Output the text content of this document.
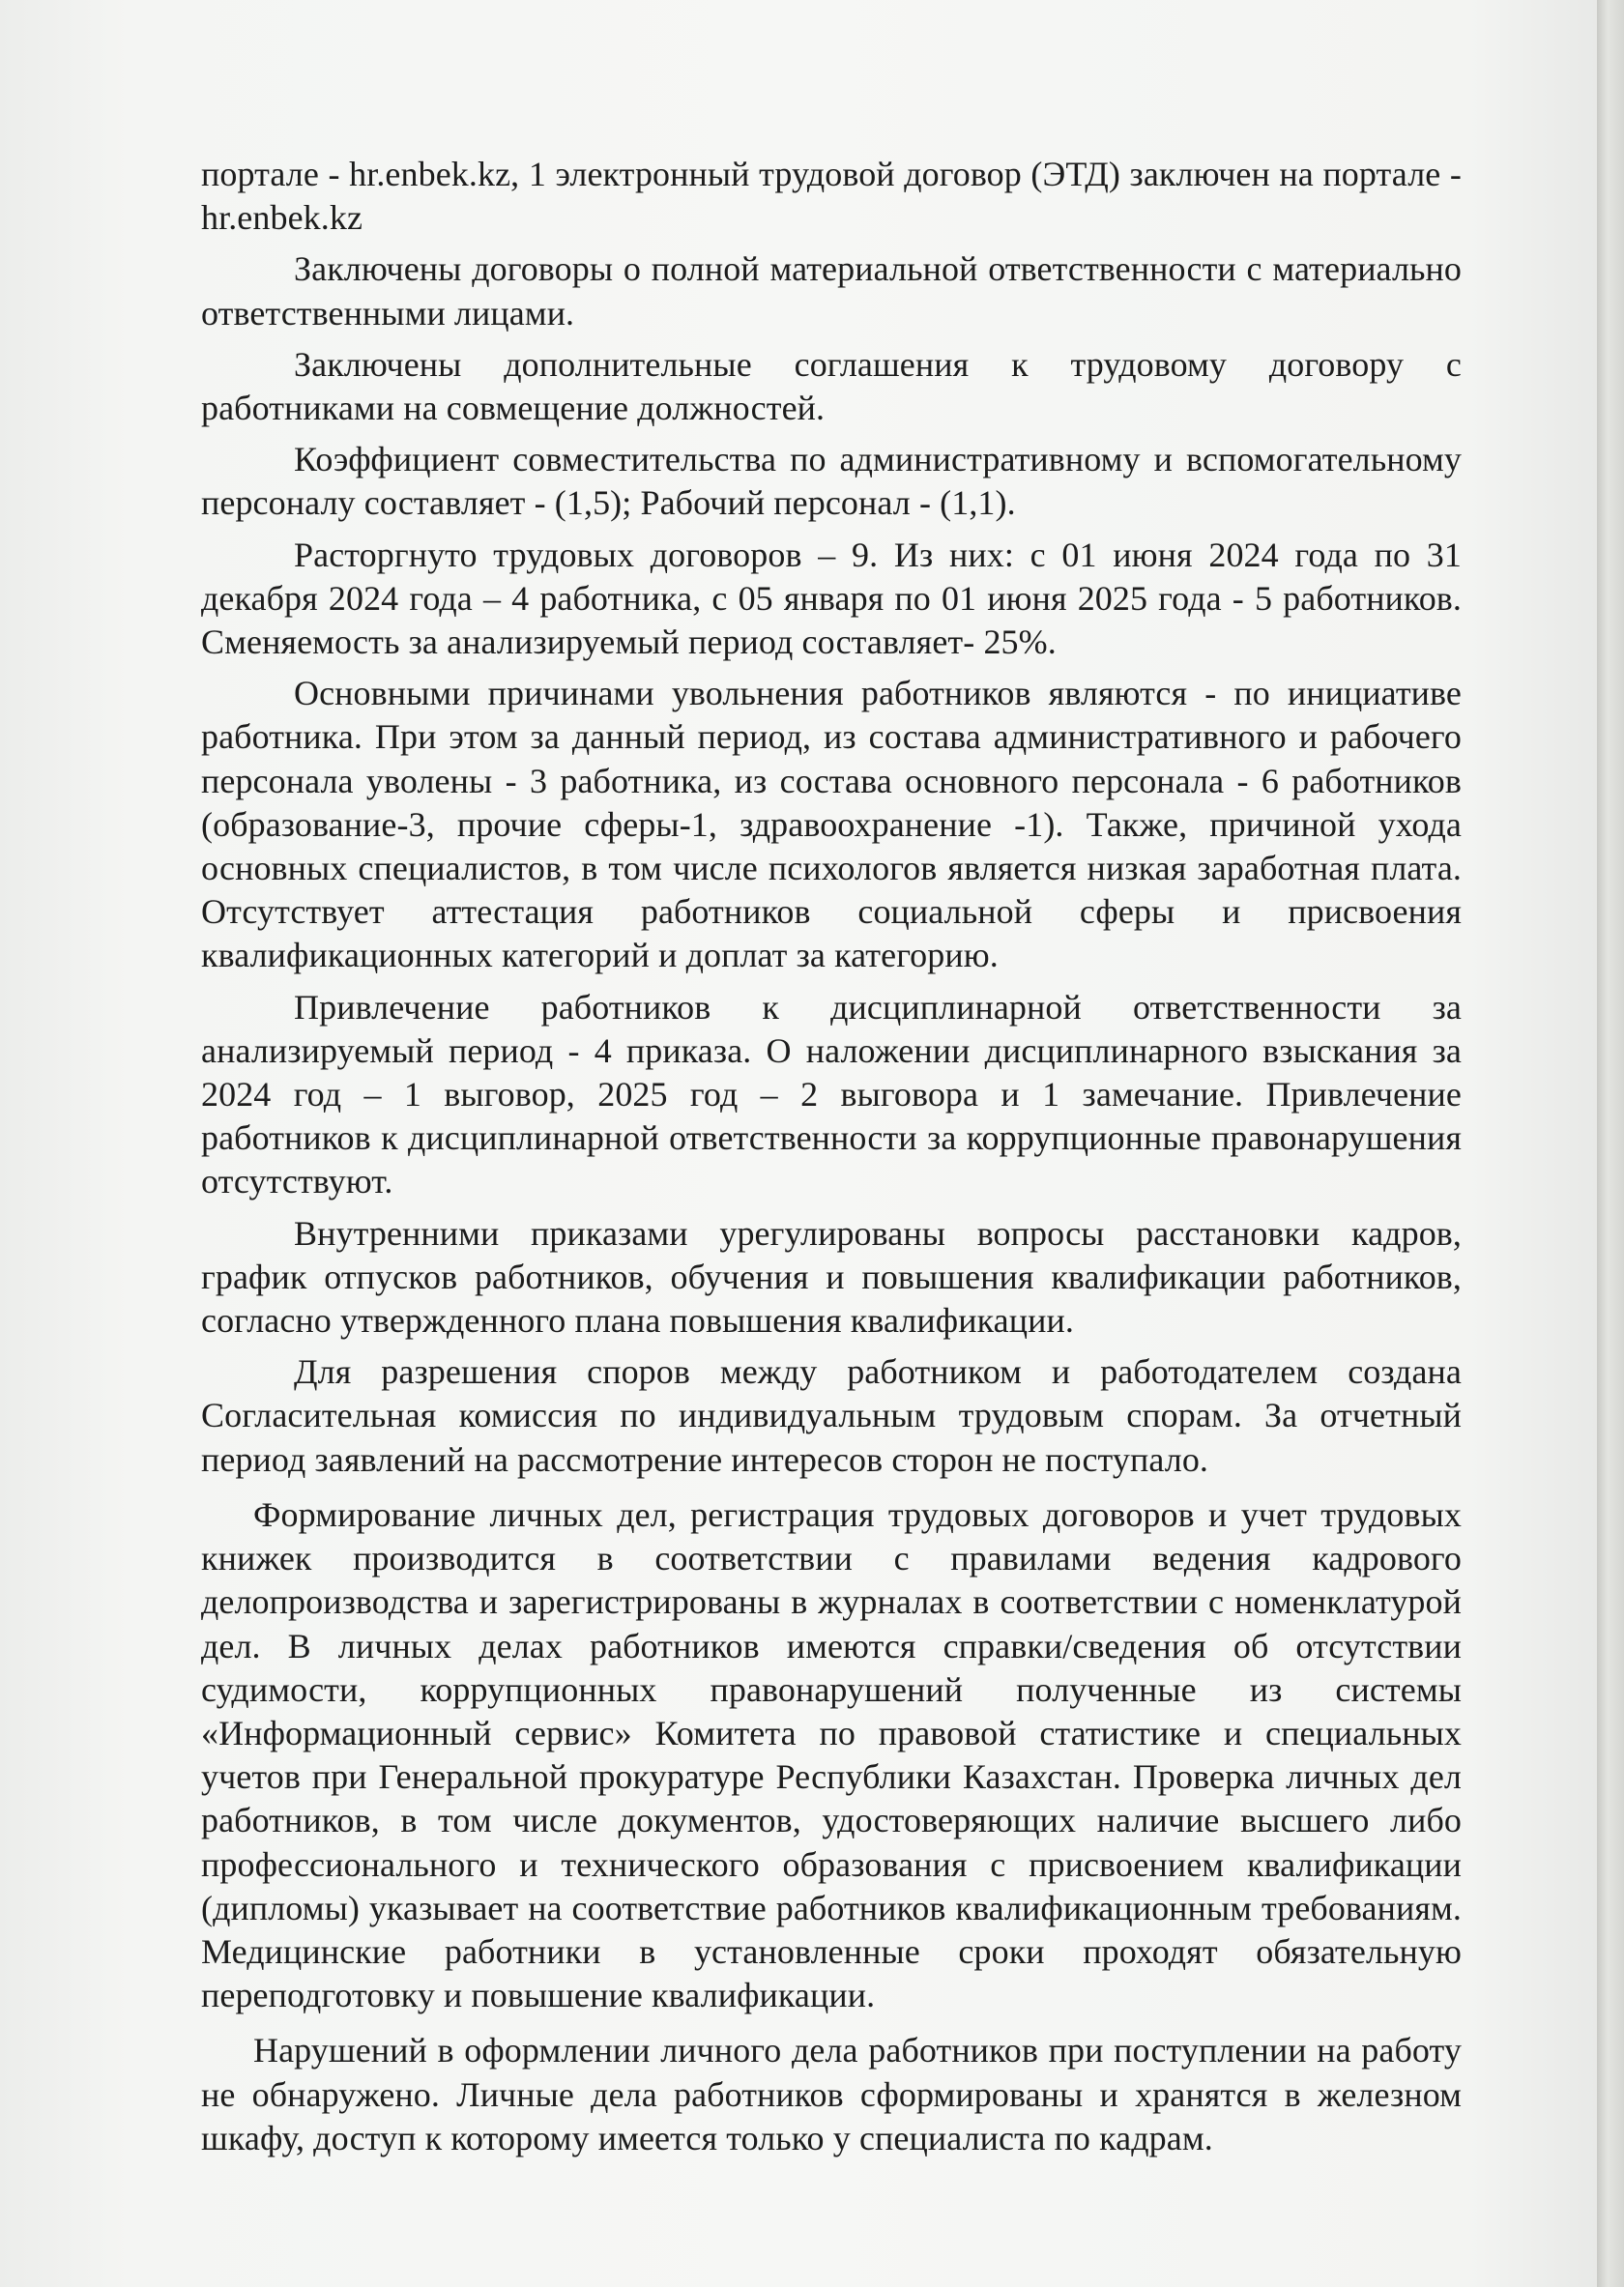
портале - hr.enbek.kz, 1 электронный трудовой договор (ЭТД) заключен на портале - hr.enbek.kz

Заключены договоры о полной материальной ответственности с материально ответственными лицами.

Заключены дополнительные соглашения к трудовому договору с работниками на совмещение должностей.

Коэффициент совместительства по административному и вспомогательному персоналу составляет - (1,5); Рабочий персонал - (1,1).

Расторгнуто трудовых договоров – 9. Из них: с 01 июня 2024 года по 31 декабря 2024 года – 4 работника, с 05 января по 01 июня 2025 года - 5 работников. Сменяемость за анализируемый период составляет- 25%.

Основными причинами увольнения работников являются - по инициативе работника. При этом за данный период, из состава административного и рабочего персонала уволены - 3 работника, из состава основного персонала - 6 работников (образование-3, прочие сферы-1, здравоохранение -1). Также, причиной ухода основных специалистов, в том числе психологов является низкая заработная плата. Отсутствует аттестация работников социальной сферы и присвоения квалификационных категорий и доплат за категорию.

Привлечение работников к дисциплинарной ответственности за анализируемый период - 4 приказа. О наложении дисциплинарного взыскания за 2024 год – 1 выговор, 2025 год – 2 выговора и 1 замечание. Привлечение работников к дисциплинарной ответственности за коррупционные правонарушения отсутствуют.

Внутренними приказами урегулированы вопросы расстановки кадров, график отпусков работников, обучения и повышения квалификации работников, согласно утвержденного плана повышения квалификации.

Для разрешения споров между работником и работодателем создана Согласительная комиссия по индивидуальным трудовым спорам. За отчетный период заявлений на рассмотрение интересов сторон не поступало.

Формирование личных дел, регистрация трудовых договоров и учет трудовых книжек производится в соответствии с правилами ведения кадрового делопроизводства и зарегистрированы в журналах в соответствии с номенклатурой дел. В личных делах работников имеются справки/сведения об отсутствии судимости, коррупционных правонарушений полученные из системы «Информационный сервис» Комитета по правовой статистике и специальных учетов при Генеральной прокуратуре Республики Казахстан. Проверка личных дел работников, в том числе документов, удостоверяющих наличие высшего либо профессионального и технического образования с присвоением квалификации (дипломы) указывает на соответствие работников квалификационным требованиям. Медицинские работники в установленные сроки проходят обязательную переподготовку и повышение квалификации.

Нарушений в оформлении личного дела работников при поступлении на работу не обнаружено. Личные дела работников сформированы и хранятся в железном шкафу, доступ к которому имеется только у специалиста по кадрам.
